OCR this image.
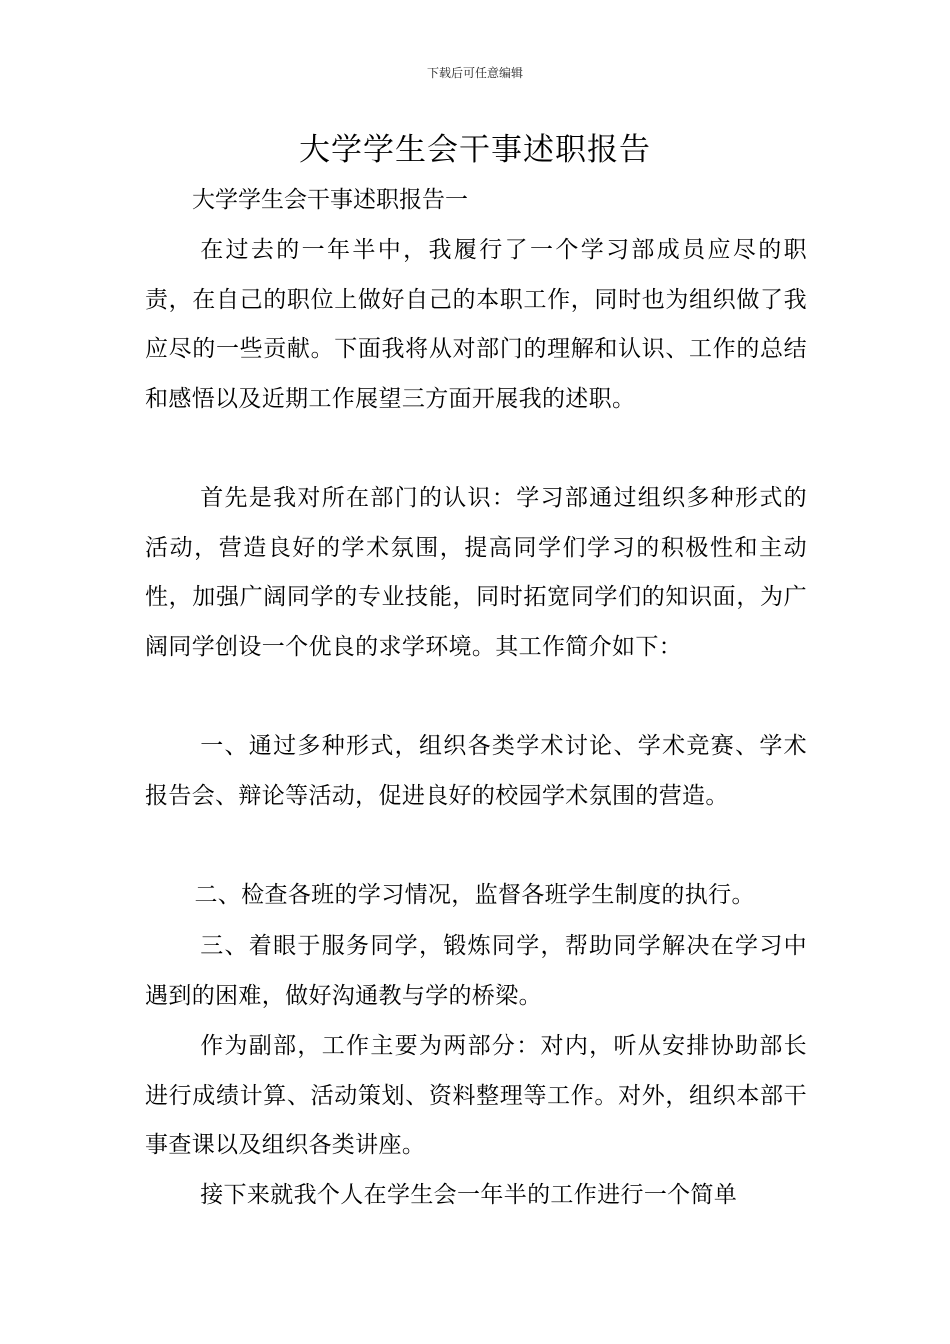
下载后可任意编辑
大学学生会干事述职报告
大学学生会干事述职报告一

在过去的一年半中，我履行了一个学习部成员应尽的职责，在自己的职位上做好自己的本职工作，同时也为组织做了我应尽的一些贡献。下面我将从对部门的理解和认识、工作的总结和感悟以及近期工作展望三方面开展我的述职。

首先是我对所在部门的认识：学习部通过组织多种形式的活动，营造良好的学术氛围，提高同学们学习的积极性和主动性，加强广阔同学的专业技能，同时拓宽同学们的知识面，为广阔同学创设一个优良的求学环境。其工作简介如下：

一、通过多种形式，组织各类学术讨论、学术竞赛、学术报告会、辩论等活动，促进良好的校园学术氛围的营造。

二、检查各班的学习情况，监督各班学生制度的执行。

三、着眼于服务同学，锻炼同学，帮助同学解决在学习中遇到的困难，做好沟通教与学的桥梁。

作为副部，工作主要为两部分：对内，听从安排协助部长进行成绩计算、活动策划、资料整理等工作。对外，组织本部干事查课以及组织各类讲座。

接下来就我个人在学生会一年半的工作进行一个简单
